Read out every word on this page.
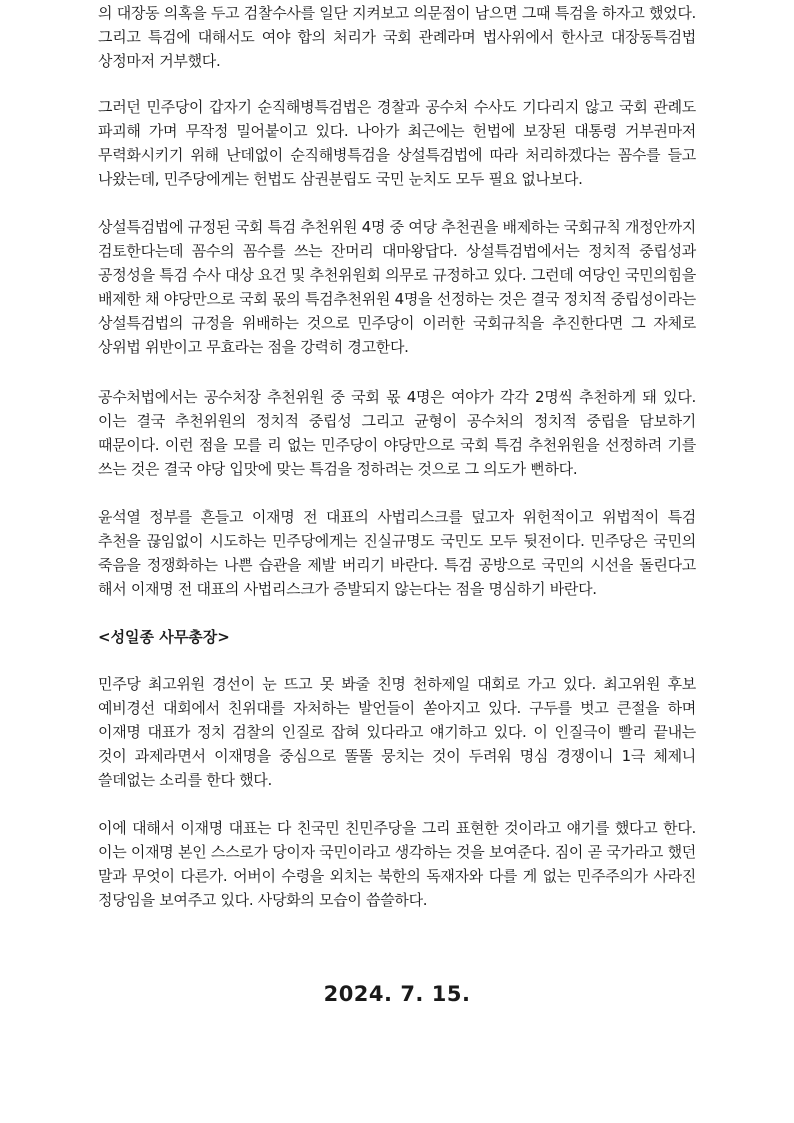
의 대장동 의혹을 두고 검찰수사를 일단 지켜보고 의문점이 남으면 그때 특검을 하자고 했었다. 그리고 특검에 대해서도 여야 합의 처리가 국회 관례라며 법사위에서 한사코 대장동특검법 상정마저 거부했다.

그러던 민주당이 갑자기 순직해병특검법은 경찰과 공수처 수사도 기다리지 않고 국회 관례도 파괴해 가며 무작정 밀어붙이고 있다. 나아가 최근에는 헌법에 보장된 대통령 거부권마저 무력화시키기 위해 난데없이 순직해병특검을 상설특검법에 따라 처리하겠다는 꼼수를 들고 나왔는데, 민주당에게는 헌법도 삼권분립도 국민 눈치도 모두 필요 없나보다.

상설특검법에 규정된 국회 특검 추천위원 4명 중 여당 추천권을 배제하는 국회규칙 개정안까지 검토한다는데 꼼수의 꼼수를 쓰는 잔머리 대마왕답다. 상설특검법에서는 정치적 중립성과 공정성을 특검 수사 대상 요건 및 추천위원회 의무로 규정하고 있다. 그런데 여당인 국민의힘을 배제한 채 야당만으로 국회 몫의 특검추천위원 4명을 선정하는 것은 결국 정치적 중립성이라는 상설특검법의 규정을 위배하는 것으로 민주당이 이러한 국회규칙을 추진한다면 그 자체로 상위법 위반이고 무효라는 점을 강력히 경고한다.

공수처법에서는 공수처장 추천위원 중 국회 몫 4명은 여야가 각각 2명씩 추천하게 돼 있다. 이는 결국 추천위원의 정치적 중립성 그리고 균형이 공수처의 정치적 중립을 담보하기 때문이다. 이런 점을 모를 리 없는 민주당이 야당만으로 국회 특검 추천위원을 선정하려 기를 쓰는 것은 결국 야당 입맛에 맞는 특검을 정하려는 것으로 그 의도가 뻔하다.

윤석열 정부를 흔들고 이재명 전 대표의 사법리스크를 덮고자 위헌적이고 위법적이 특검 추천을 끊임없이 시도하는 민주당에게는 진실규명도 국민도 모두 뒷전이다. 민주당은 국민의 죽음을 정쟁화하는 나쁜 습관을 제발 버리기 바란다. 특검 공방으로 국민의 시선을 돌린다고 해서 이재명 전 대표의 사법리스크가 증발되지 않는다는 점을 명심하기 바란다.

<성일종 사무총장>

민주당 최고위원 경선이 눈 뜨고 못 봐줄 친명 천하제일 대회로 가고 있다. 최고위원 후보 예비경선 대회에서 친위대를 자처하는 발언들이 쏟아지고 있다. 구두를 벗고 큰절을 하며 이재명 대표가 정치 검찰의 인질로 잡혀 있다라고 얘기하고 있다. 이 인질극이 빨리 끝내는 것이 과제라면서 이재명을 중심으로 똘똘 뭉치는 것이 두려워 명심 경쟁이니 1극 체제니 쓸데없는 소리를 한다 했다.

이에 대해서 이재명 대표는 다 친국민 친민주당을 그리 표현한 것이라고 얘기를 했다고 한다. 이는 이재명 본인 스스로가 당이자 국민이라고 생각하는 것을 보여준다. 짐이 곧 국가라고 했던 말과 무엇이 다른가. 어버이 수령을 외치는 북한의 독재자와 다를 게 없는 민주주의가 사라진 정당임을 보여주고 있다. 사당화의 모습이 씁쓸하다.

2024. 7. 15.
